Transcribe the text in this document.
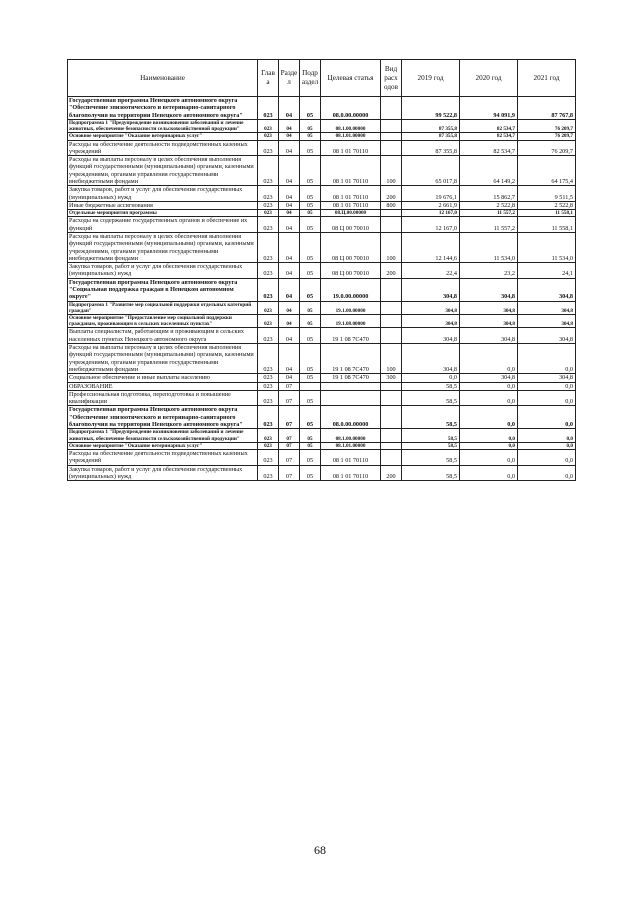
Наименование	Глав а	Разде л	Подр аздел	Целевая статья	Вид расх одов	2019 год	2020 год	2021 год
Государственная программа Ненецкого автономного округа "Обеспечение эпизоотического и ветеринарно-санитарного благополучия на территории Ненецкого автономного округа"	023	04	05	08.0.00.00000		99 522,8	94 091,9	87 767,8
Подпрограмма 1 "Предупреждение возникновения заболеваний и лечение животных, обеспечение безопасности сельскохозяйственной продукции"	023	04	05	08.1.00.00000		87 355,8	82 534,7	76 209,7
Основное мероприятие "Оказание ветеринарных услуг"	023	04	05	08.1.01.00000		87 355,8	82 534,7	76 209,7
Расходы на обеспечение деятельности подведомственных казенных учреждений	023	04	05	08 1 01 70110		87 355,8	82 534,7	76 209,7
Расходы на выплаты персоналу в целях обеспечения выполнения функций государственными (муниципальными) органами, казенными учреждениями, органами управления государственными внебюджетными фондами	023	04	05	08 1 01 70110	100	65 017,8	64 149,2	64 175,4
Закупка товаров, работ и услуг для обеспечения государственных (муниципальных) нужд	023	04	05	08 1 01 70110	200	19 676,1	15 862,7	9 511,5
Иные бюджетные ассигнования	023	04	05	08 1 01 70110	800	2 661,9	2 522,8	2 522,8
Отдельные мероприятия программы	023	04	05	08.Ц.00.00000		12 167,0	11 557,2	11 558,1
Расходы на содержание государственных органов и обеспечение их функций	023	04	05	08 Ц 00 70010		12 167,0	11 557,2	11 558,1
Расходы на выплаты персоналу в целях обеспечения выполнения функций государственными (муниципальными) органами, казенными учреждениями, органами управления государственными внебюджетными фондами	023	04	05	08 Ц 00 70010	100	12 144,6	11 534,0	11 534,0
Закупка товаров, работ и услуг для обеспечения государственных (муниципальных) нужд	023	04	05	08 Ц 00 70010	200	22,4	23,2	24,1
Государственная программа Ненецкого автономного округа "Социальная поддержка граждан в Ненецком автономном округе"	023	04	05	19.0.00.00000		304,8	304,8	304,8
Подпрограмма 1 "Развитие мер социальной поддержки отдельных категорий граждан"	023	04	05	19.1.00.00000		304,8	304,8	304,8
Основное мероприятие "Предоставление мер социальной поддержки гражданам, проживающим в сельских населенных пунктах"	023	04	05	19.1.08.00000		304,8	304,8	304,8
Выплаты специалистам, работающим и проживающим в сельских населенных пунктах Ненецкого автономного округа	023	04	05	19 1 08 7С470		304,8	304,8	304,8
Расходы на выплаты персоналу в целях обеспечения выполнения функций государственными (муниципальными) органами, казенными учреждениями, органами управления государственными внебюджетными фондами	023	04	05	19 1 08 7С470	100	304,8	0,0	0,0
Социальное обеспечение и иные выплаты населению	023	04	05	19 1 08 7С470	300	0,0	304,8	304,8
ОБРАЗОВАНИЕ	023	07				58,5	0,0	0,0
Профессиональная подготовка, переподготовка и повышение квалификации	023	07	05			58,5	0,0	0,0
Государственная программа Ненецкого автономного округа "Обеспечение эпизоотического и ветеринарно-санитарного благополучия на территории Ненецкого автономного округа"	023	07	05	08.0.00.00000		58,5	0,0	0,0
Подпрограмма 1 "Предупреждение возникновения заболеваний и лечение животных, обеспечение безопасности сельскохозяйственной продукции"	023	07	05	08.1.00.00000		58,5	0,0	0,0
Основное мероприятие "Оказание ветеринарных услуг"	023	07	05	08.1.01.00000		58,5	0,0	0,0
Расходы на обеспечение деятельности подведомственных казенных учреждений	023	07	05	08 1 01 70110		58,5	0,0	0,0
Закупка товаров, работ и услуг для обеспечения государственных (муниципальных) нужд	023	07	05	08 1 01 70110	200	58,5	0,0	0,0
68
